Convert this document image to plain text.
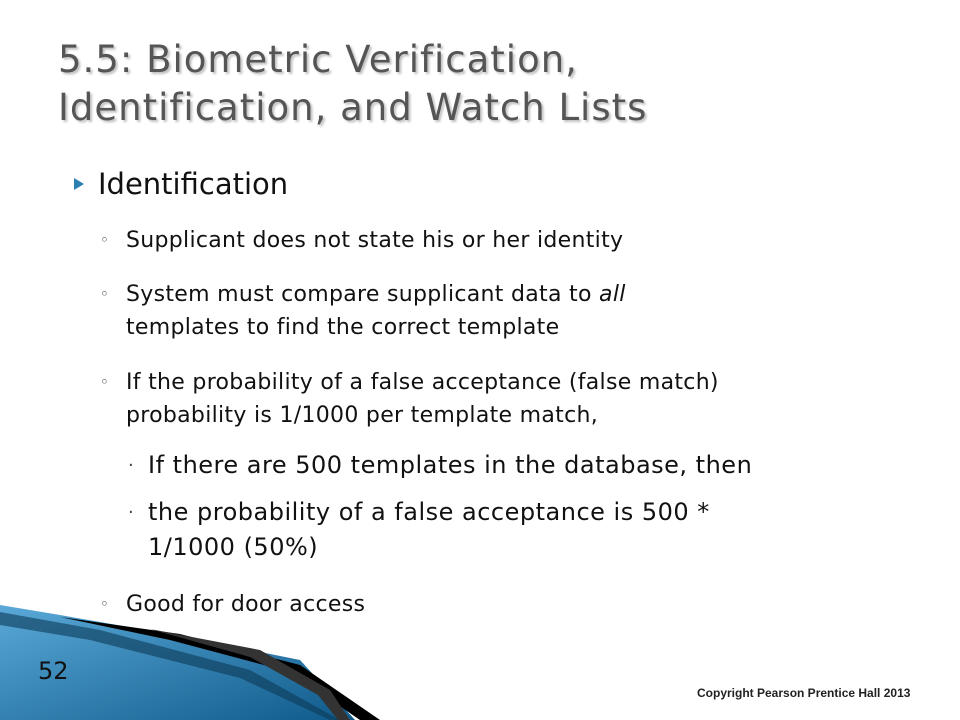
5.5: Biometric Verification,
Identification, and Watch Lists
Identification
◦ Supplicant does not state his or her identity
◦ System must compare supplicant data to all
templates to find the correct template
◦ If the probability of a false acceptance (false match)
probability is 1/1000 per template match,
· If there are 500 templates in the database, then
· the probability of a false acceptance is 500 *
1/1000 (50%)
◦ Good for door access
52
Copyright Pearson Prentice Hall 2013
